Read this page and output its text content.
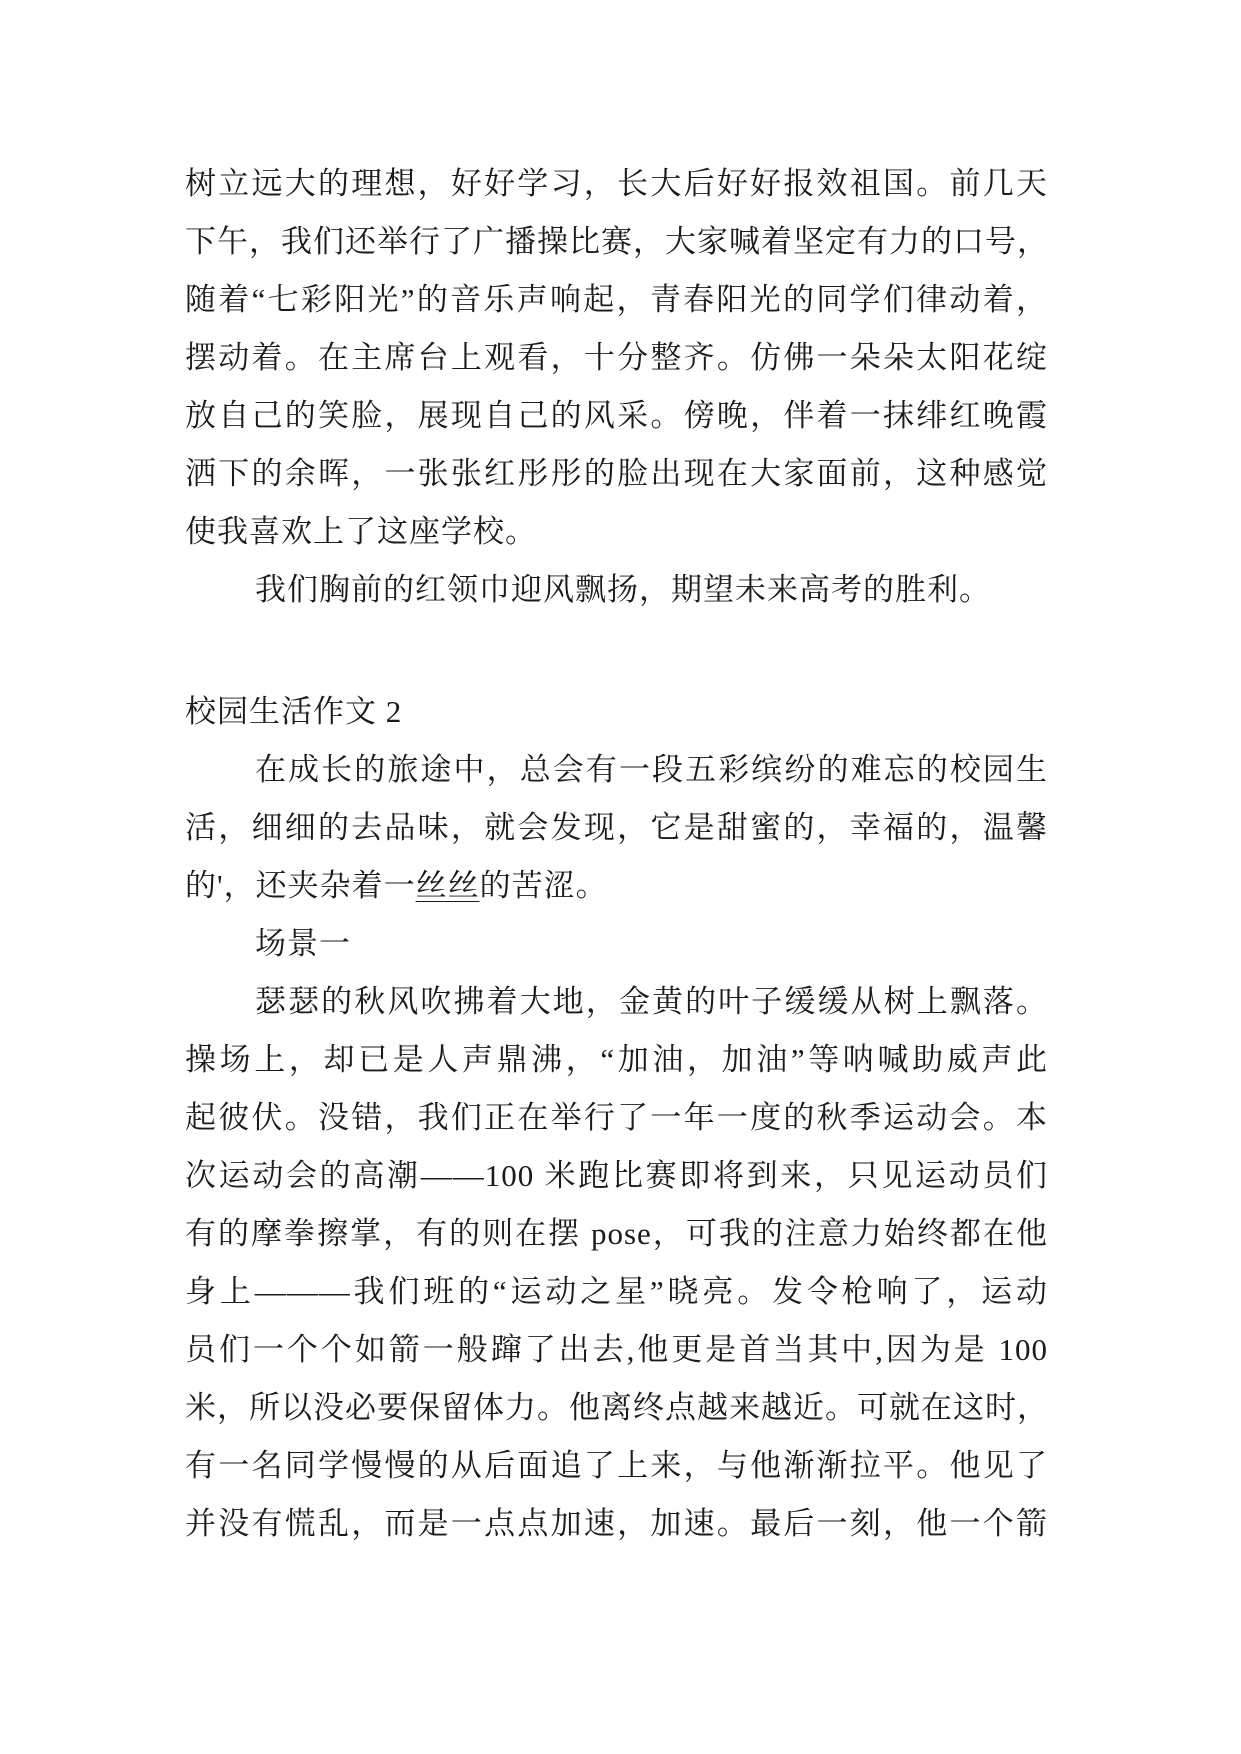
树立远大的理想，好好学习，长大后好好报效祖国。前几天
下午，我们还举行了广播操比赛，大家喊着坚定有力的口号，
随着“七彩阳光”的音乐声响起，青春阳光的同学们律动着，
摆动着。在主席台上观看，十分整齐。仿佛一朵朵太阳花绽
放自己的笑脸，展现自己的风采。傍晚，伴着一抹绯红晚霞
洒下的余晖，一张张红彤彤的脸出现在大家面前，这种感觉
使我喜欢上了这座学校。
我们胸前的红领巾迎风飘扬，期望未来高考的胜利。
校园生活作文 2
在成长的旅途中，总会有一段五彩缤纷的难忘的校园生
活，细细的去品味，就会发现，它是甜蜜的，幸福的，温馨
的'，还夹杂着一丝丝的苦涩。
场景一
瑟瑟的秋风吹拂着大地，金黄的叶子缓缓从树上飘落。
操场上，却已是人声鼎沸，“加油，加油”等呐喊助威声此
起彼伏。没错，我们正在举行了一年一度的秋季运动会。本
次运动会的高潮——100 米跑比赛即将到来，只见运动员们
有的摩拳擦掌，有的则在摆 pose，可我的注意力始终都在他
身上———我们班的“运动之星”晓亮。发令枪响了，运动
员们一个个如箭一般蹿了出去,他更是首当其中,因为是 100
米，所以没必要保留体力。他离终点越来越近。可就在这时，
有一名同学慢慢的从后面追了上来，与他渐渐拉平。他见了
并没有慌乱，而是一点点加速，加速。最后一刻，他一个箭
